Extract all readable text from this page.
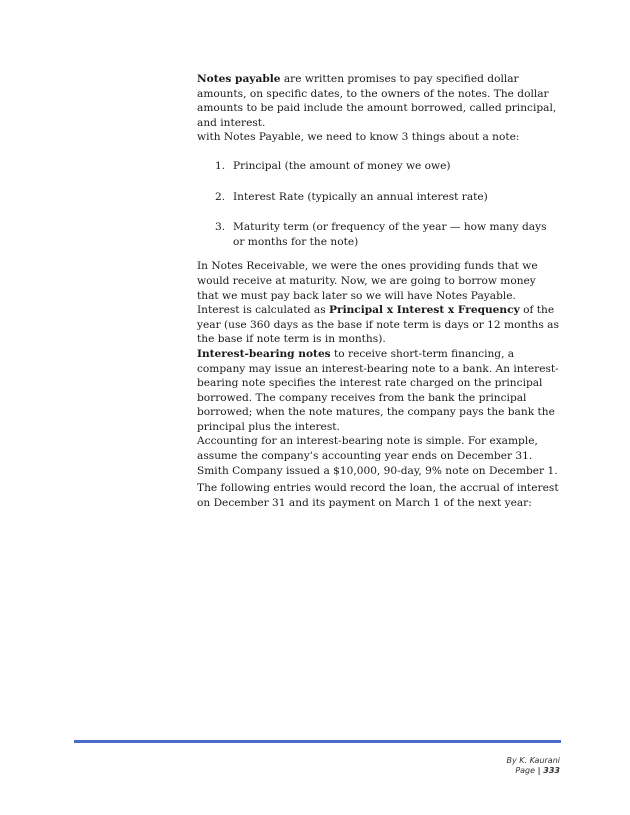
Notes payable are written promises to pay specified dollar amounts, on specific dates, to the owners of the notes. The dollar amounts to be paid include the amount borrowed, called principal, and interest.

with Notes Payable, we need to know 3 things about a note:

1. Principal (the amount of money we owe)
2. Interest Rate (typically an annual interest rate)
3. Maturity term (or frequency of the year — how many days or months for the note)

In Notes Receivable, we were the ones providing funds that we would receive at maturity. Now, we are going to borrow money that we must pay back later so we will have Notes Payable. Interest is calculated as Principal x Interest x Frequency of the year (use 360 days as the base if note term is days or 12 months as the base if note term is in months).

Interest-bearing notes to receive short-term financing, a company may issue an interest-bearing note to a bank. An interest-bearing note specifies the interest rate charged on the principal borrowed. The company receives from the bank the principal borrowed; when the note matures, the company pays the bank the principal plus the interest.

Accounting for an interest-bearing note is simple. For example, assume the company’s accounting year ends on December 31. Smith Company issued a $10,000, 90-day, 9% note on December 1.

The following entries would record the loan, the accrual of interest on December 31 and its payment on March 1 of the next year:

By K. Kaurani
Page | 333
